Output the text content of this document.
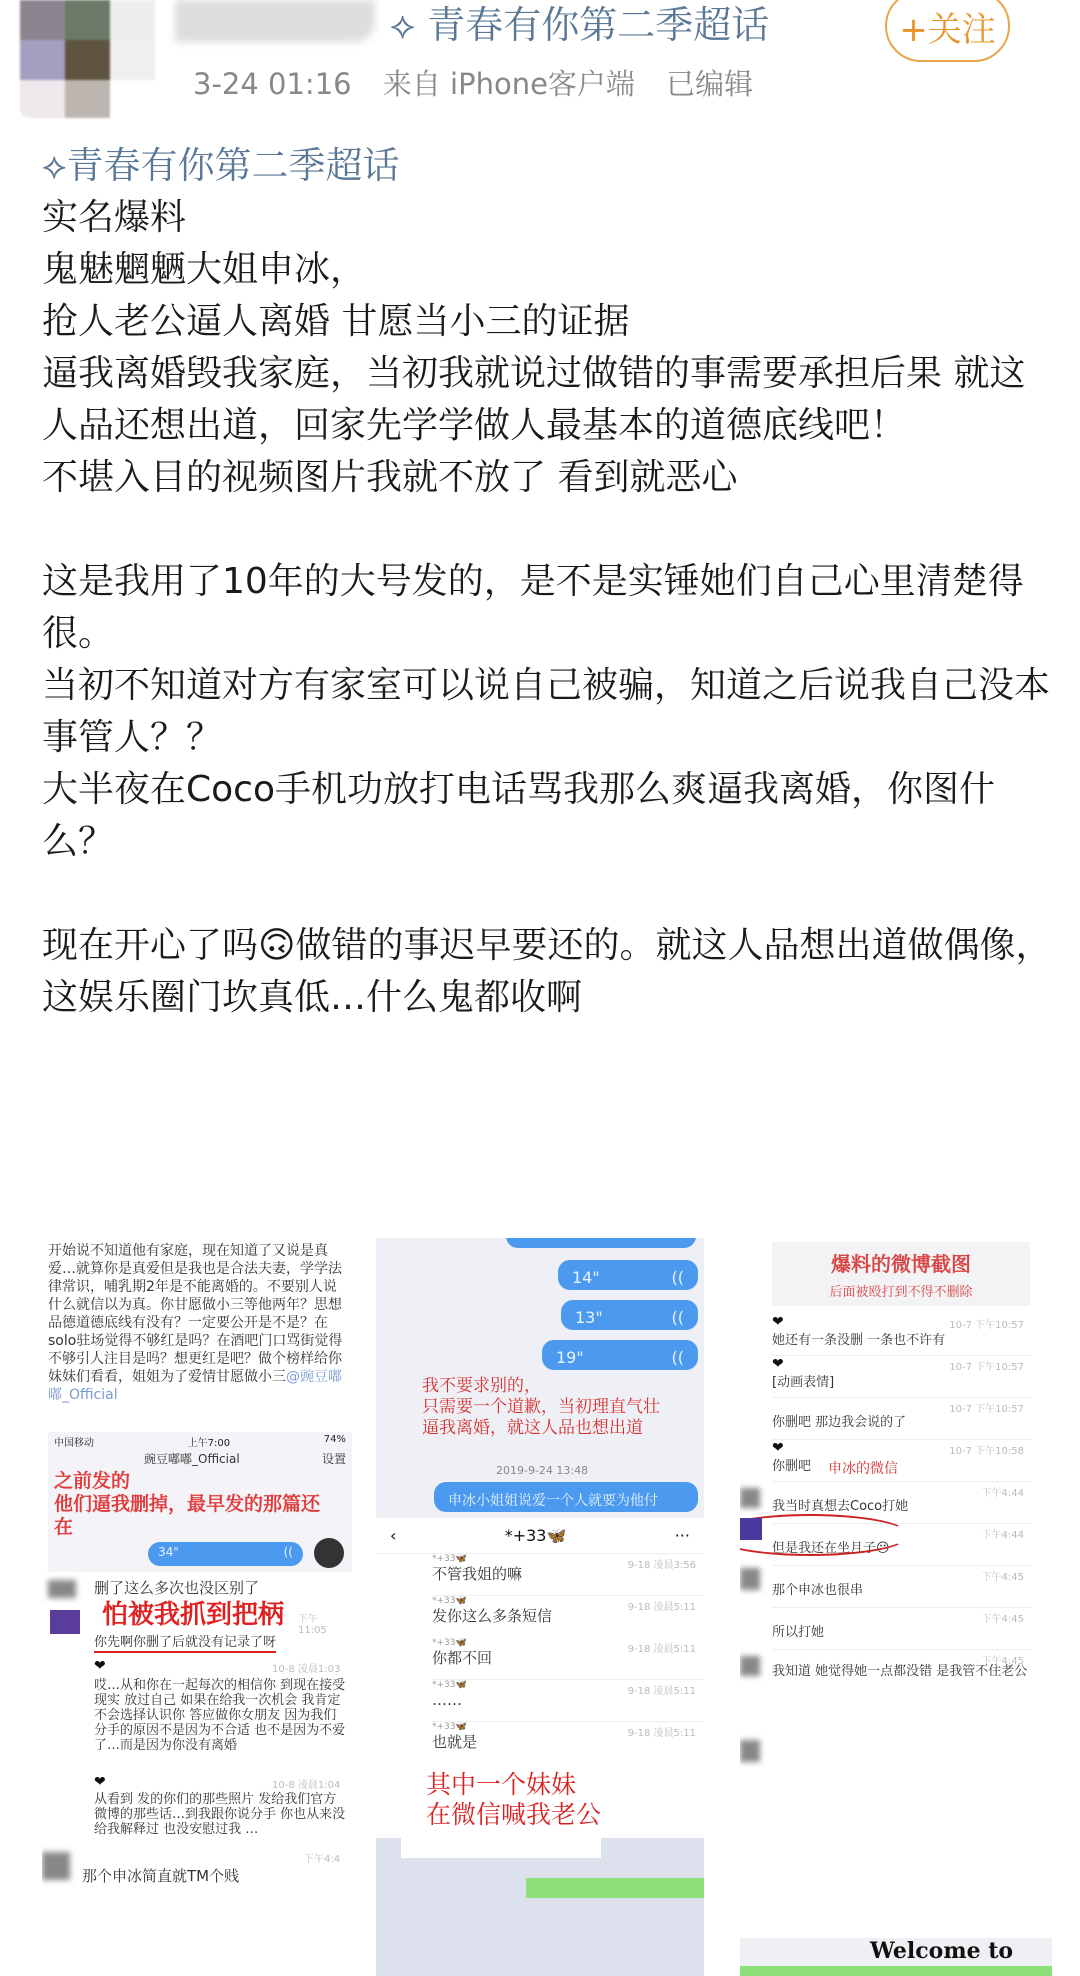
⟡ 青春有你第二季超话	+关注
3-24 01:16 来自 iPhone客户端 已编辑

⟡青春有你第二季超话

实名爆料

鬼魅魍魉大姐申冰，

抢人老公逼人离婚 甘愿当小三的证据

逼我离婚毁我家庭，当初我就说过做错的事需要承担后果 就这人品还想出道，回家先学学做人最基本的道德底线吧！

不堪入目的视频图片我就不放了 看到就恶心

这是我用了10年的大号发的，是不是实锤她们自己心里清楚得很。

当初不知道对方有家室可以说自己被骗，知道之后说我自己没本事管人？？

大半夜在Coco手机功放打电话骂我那么爽逼我离婚，你图什么？

现在开心了吗🙃做错的事迟早要还的。就这人品想出道做偶像，这娱乐圈门坎真低…什么鬼都收啊

开始说不知道他有家庭，现在知道了又说是真爱…就算你是真爱但是我也是合法夫妻，学学法律常识，哺乳期2年是不能离婚的。不要别人说什么就信以为真。你甘愿做小三等他两年？思想品德道德底线有没有？一定要公开是不是？在solo驻场觉得不够红是吗？在酒吧门口骂街觉得不够引人注目是吗？想更红是吧？做个榜样给你妹妹们看看，姐姐为了爱情甘愿做小三@豌豆嘟嘟_Official
中国移动	上午7:00	74%
豌豆嘟嘟_Official	设置
之前发的
他们逼我删掉，最早发的那篇还在
34"	((
删了这么多次也没区别了
怕被我抓到把柄 下午11:05
你先啊你删了后就没有记录了呀
❤	10-8 凌晨1:03
哎…从和你在一起每次的相信你 到现在接受现实 放过自己 如果在给我一次机会 我肯定不会选择认识你 答应做你女朋友 因为我们分手的原因不是因为不合适 也不是因为不爱了…而是因为你没有离婚
❤	10-8 凌晨1:04
从看到 发的你们的那些照片 发给我们官方微博的那些话…到我跟你说分手 你也从来没给我解释过 也没安慰过我 …
下午4:4
那个申冰简直就TM个贱
14"	((
13"	((
19"	((
我不要求别的，
只需要一个道歉，当初理直气壮逼我离婚，就这人品也想出道
2019-9-24 13:48
申冰小姐姐说爱一个人就要为他付
‹	*+33🦋	···
*+33🦋
不管我姐的嘛	9-18 凌晨3:56
*+33🦋
发你这么多条短信	9-18 凌晨5:11
*+33🦋
你都不回	9-18 凌晨5:11
*+33🦋
……	9-18 凌晨5:11
*+33🦋
也就是	9-18 凌晨5:11
其中一个妹妹
在微信喊我老公
爆料的微博截图
后面被殴打到不得不删除
❤
她还有一条没删 一条也不许有
10-7 下午10:57
❤
[动画表情]
10-7 下午10:57
你删吧 那边我会说的了
10-7 下午10:57
❤
你删吧
10-7 下午10:58
申冰的微信
我当时真想去Coco打她
下午4:44
但是我还在坐月子😶
下午4:44
那个申冰也很串
下午4:45
所以打她
下午4:45
我知道 她觉得她一点都没错 是我管不住老公
下午4:45
Welcome to
